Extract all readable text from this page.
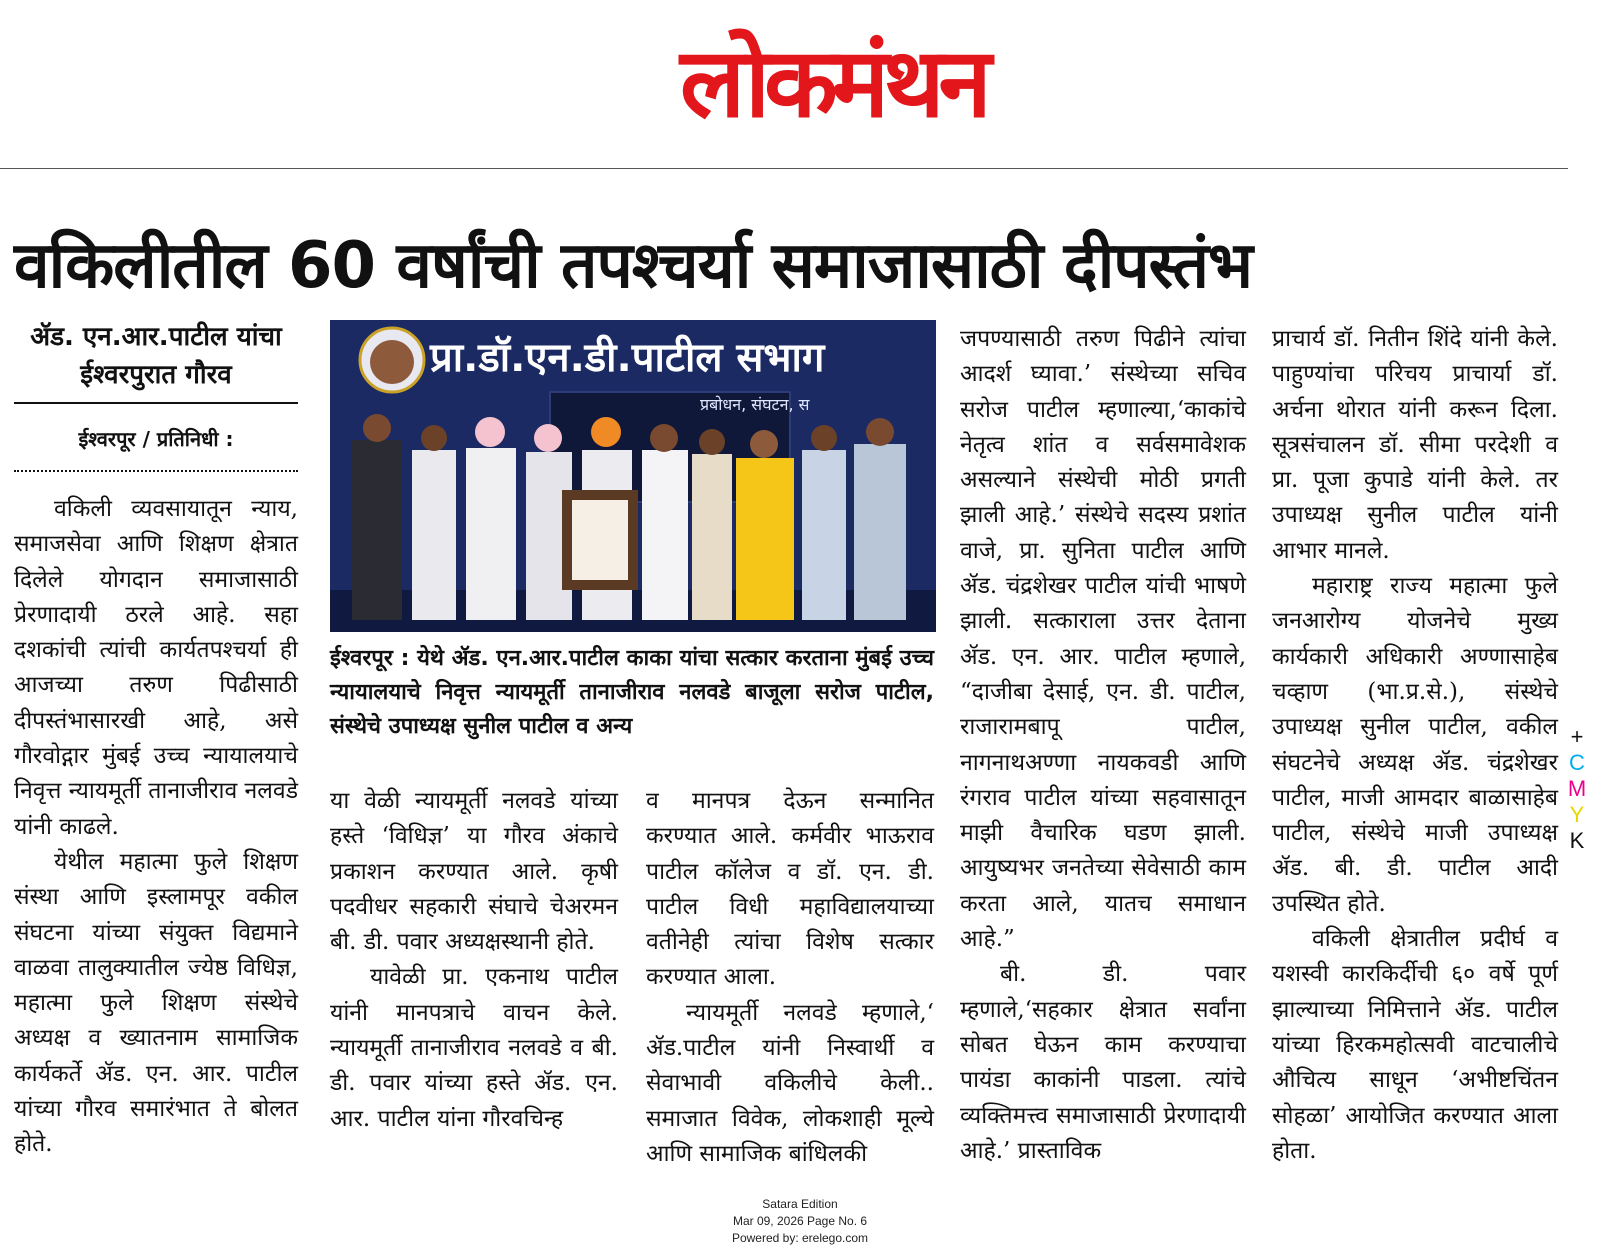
लोकमंथन
वकिलीतील 60 वर्षांची तपश्चर्या समाजासाठी दीपस्तंभ
ॲड. एन.आर.पाटील यांचा
ईश्वरपुरात गौरव
ईश्वरपूर / प्रतिनिधी :

वकिली व्यवसायातून न्याय, समाजसेवा आणि शिक्षण क्षेत्रात दिलेले योगदान समाजासाठी प्रेरणादायी ठरले आहे. सहा दशकांची त्यांची कार्यतपश्चर्या ही आजच्या तरुण पिढीसाठी दीपस्तंभासारखी आहे, असे गौरवोद्गार मुंबई उच्च न्यायालयाचे निवृत्त न्यायमूर्ती तानाजीराव नलवडे यांनी काढले.

येथील महात्मा फुले शिक्षण संस्था आणि इस्लामपूर वकील संघटना यांच्या संयुक्त विद्यमाने वाळवा तालुक्यातील ज्येष्ठ विधिज्ञ, महात्मा फुले शिक्षण संस्थेचे अध्यक्ष व ख्यातनाम सामाजिक कार्यकर्ते ॲड. एन. आर. पाटील यांच्या गौरव समारंभात ते बोलत होते.

प्रा.डॉ.एन.डी.पाटील सभाग
प्रबोधन, संघटन, स
ईश्वरपूर : येथे ॲड. एन.आर.पाटील काका यांचा सत्कार करताना मुंबई उच्च न्यायालयाचे निवृत्त न्यायमूर्ती तानाजीराव नलवडे बाजूला सरोज पाटील, संस्थेचे उपाध्यक्ष सुनील पाटील व अन्य

या वेळी न्यायमूर्ती नलवडे यांच्या हस्ते ‘विधिज्ञ’ या गौरव अंकाचे प्रकाशन करण्यात आले. कृषी पदवीधर सहकारी संघाचे चेअरमन बी. डी. पवार अध्यक्षस्थानी होते.

यावेळी प्रा. एकनाथ पाटील यांनी मानपत्राचे वाचन केले. न्यायमूर्ती तानाजीराव नलवडे व बी. डी. पवार यांच्या हस्ते ॲड. एन. आर. पाटील यांना गौरवचिन्ह

व मानपत्र देऊन सन्मानित करण्यात आले. कर्मवीर भाऊराव पाटील कॉलेज व डॉ. एन. डी. पाटील विधी महाविद्यालयाच्या वतीनेही त्यांचा विशेष सत्कार करण्यात आला.

न्यायमूर्ती नलवडे म्हणाले,‘ ॲड.पाटील यांनी निस्वार्थी व सेवाभावी वकिलीचे केली.. समाजात विवेक, लोकशाही मूल्ये आणि सामाजिक बांधिलकी

जपण्यासाठी तरुण पिढीने त्यांचा आदर्श घ्यावा.’ संस्थेच्या सचिव सरोज पाटील म्हणाल्या,‘काकांचे नेतृत्व शांत व सर्वसमावेशक असल्याने संस्थेची मोठी प्रगती झाली आहे.’ संस्थेचे सदस्य प्रशांत वाजे, प्रा. सुनिता पाटील आणि ॲड. चंद्रशेखर पाटील यांची भाषणे झाली. सत्काराला उत्तर देताना ॲड. एन. आर. पाटील म्हणाले, “दाजीबा देसाई, एन. डी. पाटील, राजारामबापू पाटील, नागनाथअण्णा नायकवडी आणि रंगराव पाटील यांच्या सहवासातून माझी वैचारिक घडण झाली. आयुष्यभर जनतेच्या सेवेसाठी काम करता आले, यातच समाधान आहे.”

बी. डी. पवार म्हणाले,‘सहकार क्षेत्रात सर्वांना सोबत घेऊन काम करण्याचा पायंडा काकांनी पाडला. त्यांचे व्यक्तिमत्त्व समाजासाठी प्रेरणादायी आहे.’ प्रास्ताविक

प्राचार्य डॉ. नितीन शिंदे यांनी केले. पाहुण्यांचा परिचय प्राचार्या डॉ. अर्चना थोरात यांनी करून दिला. सूत्रसंचालन डॉ. सीमा परदेशी व प्रा. पूजा कुपाडे यांनी केले. तर उपाध्यक्ष सुनील पाटील यांनी आभार मानले.

महाराष्ट्र राज्य महात्मा फुले जनआरोग्य योजनेचे मुख्य कार्यकारी अधिकारी अण्णासाहेब चव्हाण (भा.प्र.से.), संस्थेचे उपाध्यक्ष सुनील पाटील, वकील संघटनेचे अध्यक्ष ॲड. चंद्रशेखर पाटील, माजी आमदार बाळासाहेब पाटील, संस्थेचे माजी उपाध्यक्ष ॲड. बी. डी. पाटील आदी उपस्थित होते.

वकिली क्षेत्रातील प्रदीर्घ व यशस्वी कारकिर्दीची ६० वर्षे पूर्ण झाल्याच्या निमित्ताने ॲड. पाटील यांच्या हिरकमहोत्सवी वाटचालीचे औचित्य साधून ‘अभीष्टचिंतन सोहळा’ आयोजित करण्यात आला होता.

+
C
M
Y
K
Satara Edition
Mar 09, 2026 Page No. 6
Powered by: erelego.com
